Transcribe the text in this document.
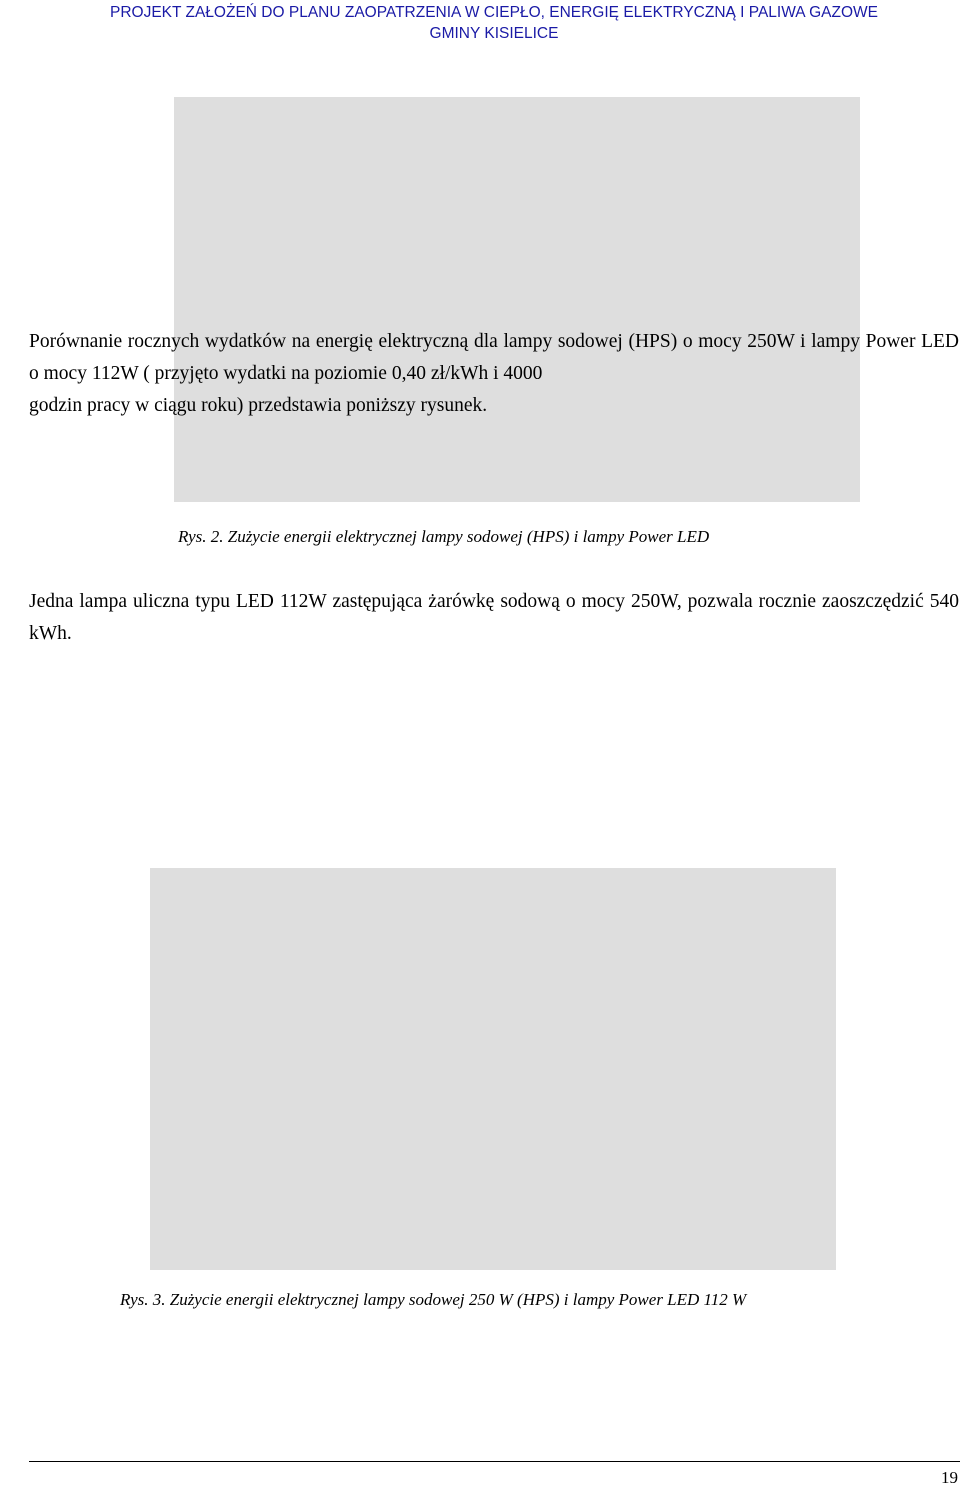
PROJEKT ZAŁOŻEŃ DO PLANU ZAOPATRZENIA W CIEPŁO, ENERGIĘ ELEKTRYCZNĄ I PALIWA GAZOWE
GMINY KISIELICE
Rys. 2. Zużycie energii elektrycznej lampy sodowej (HPS) i lampy Power LED
Jedna lampa uliczna typu LED 112W zastępująca żarówkę sodową o mocy 250W, pozwala rocznie zaoszczędzić 540 kWh.
Porównanie rocznych wydatków na energię elektryczną dla lampy sodowej (HPS) o mocy 250W i lampy Power LED o mocy 112W ( przyjęto wydatki na poziomie 0,40 zł/kWh i 4000
godzin pracy w ciągu roku) przedstawia poniższy rysunek.
Rys. 3. Zużycie energii elektrycznej lampy sodowej 250 W (HPS) i lampy Power LED 112 W
19
